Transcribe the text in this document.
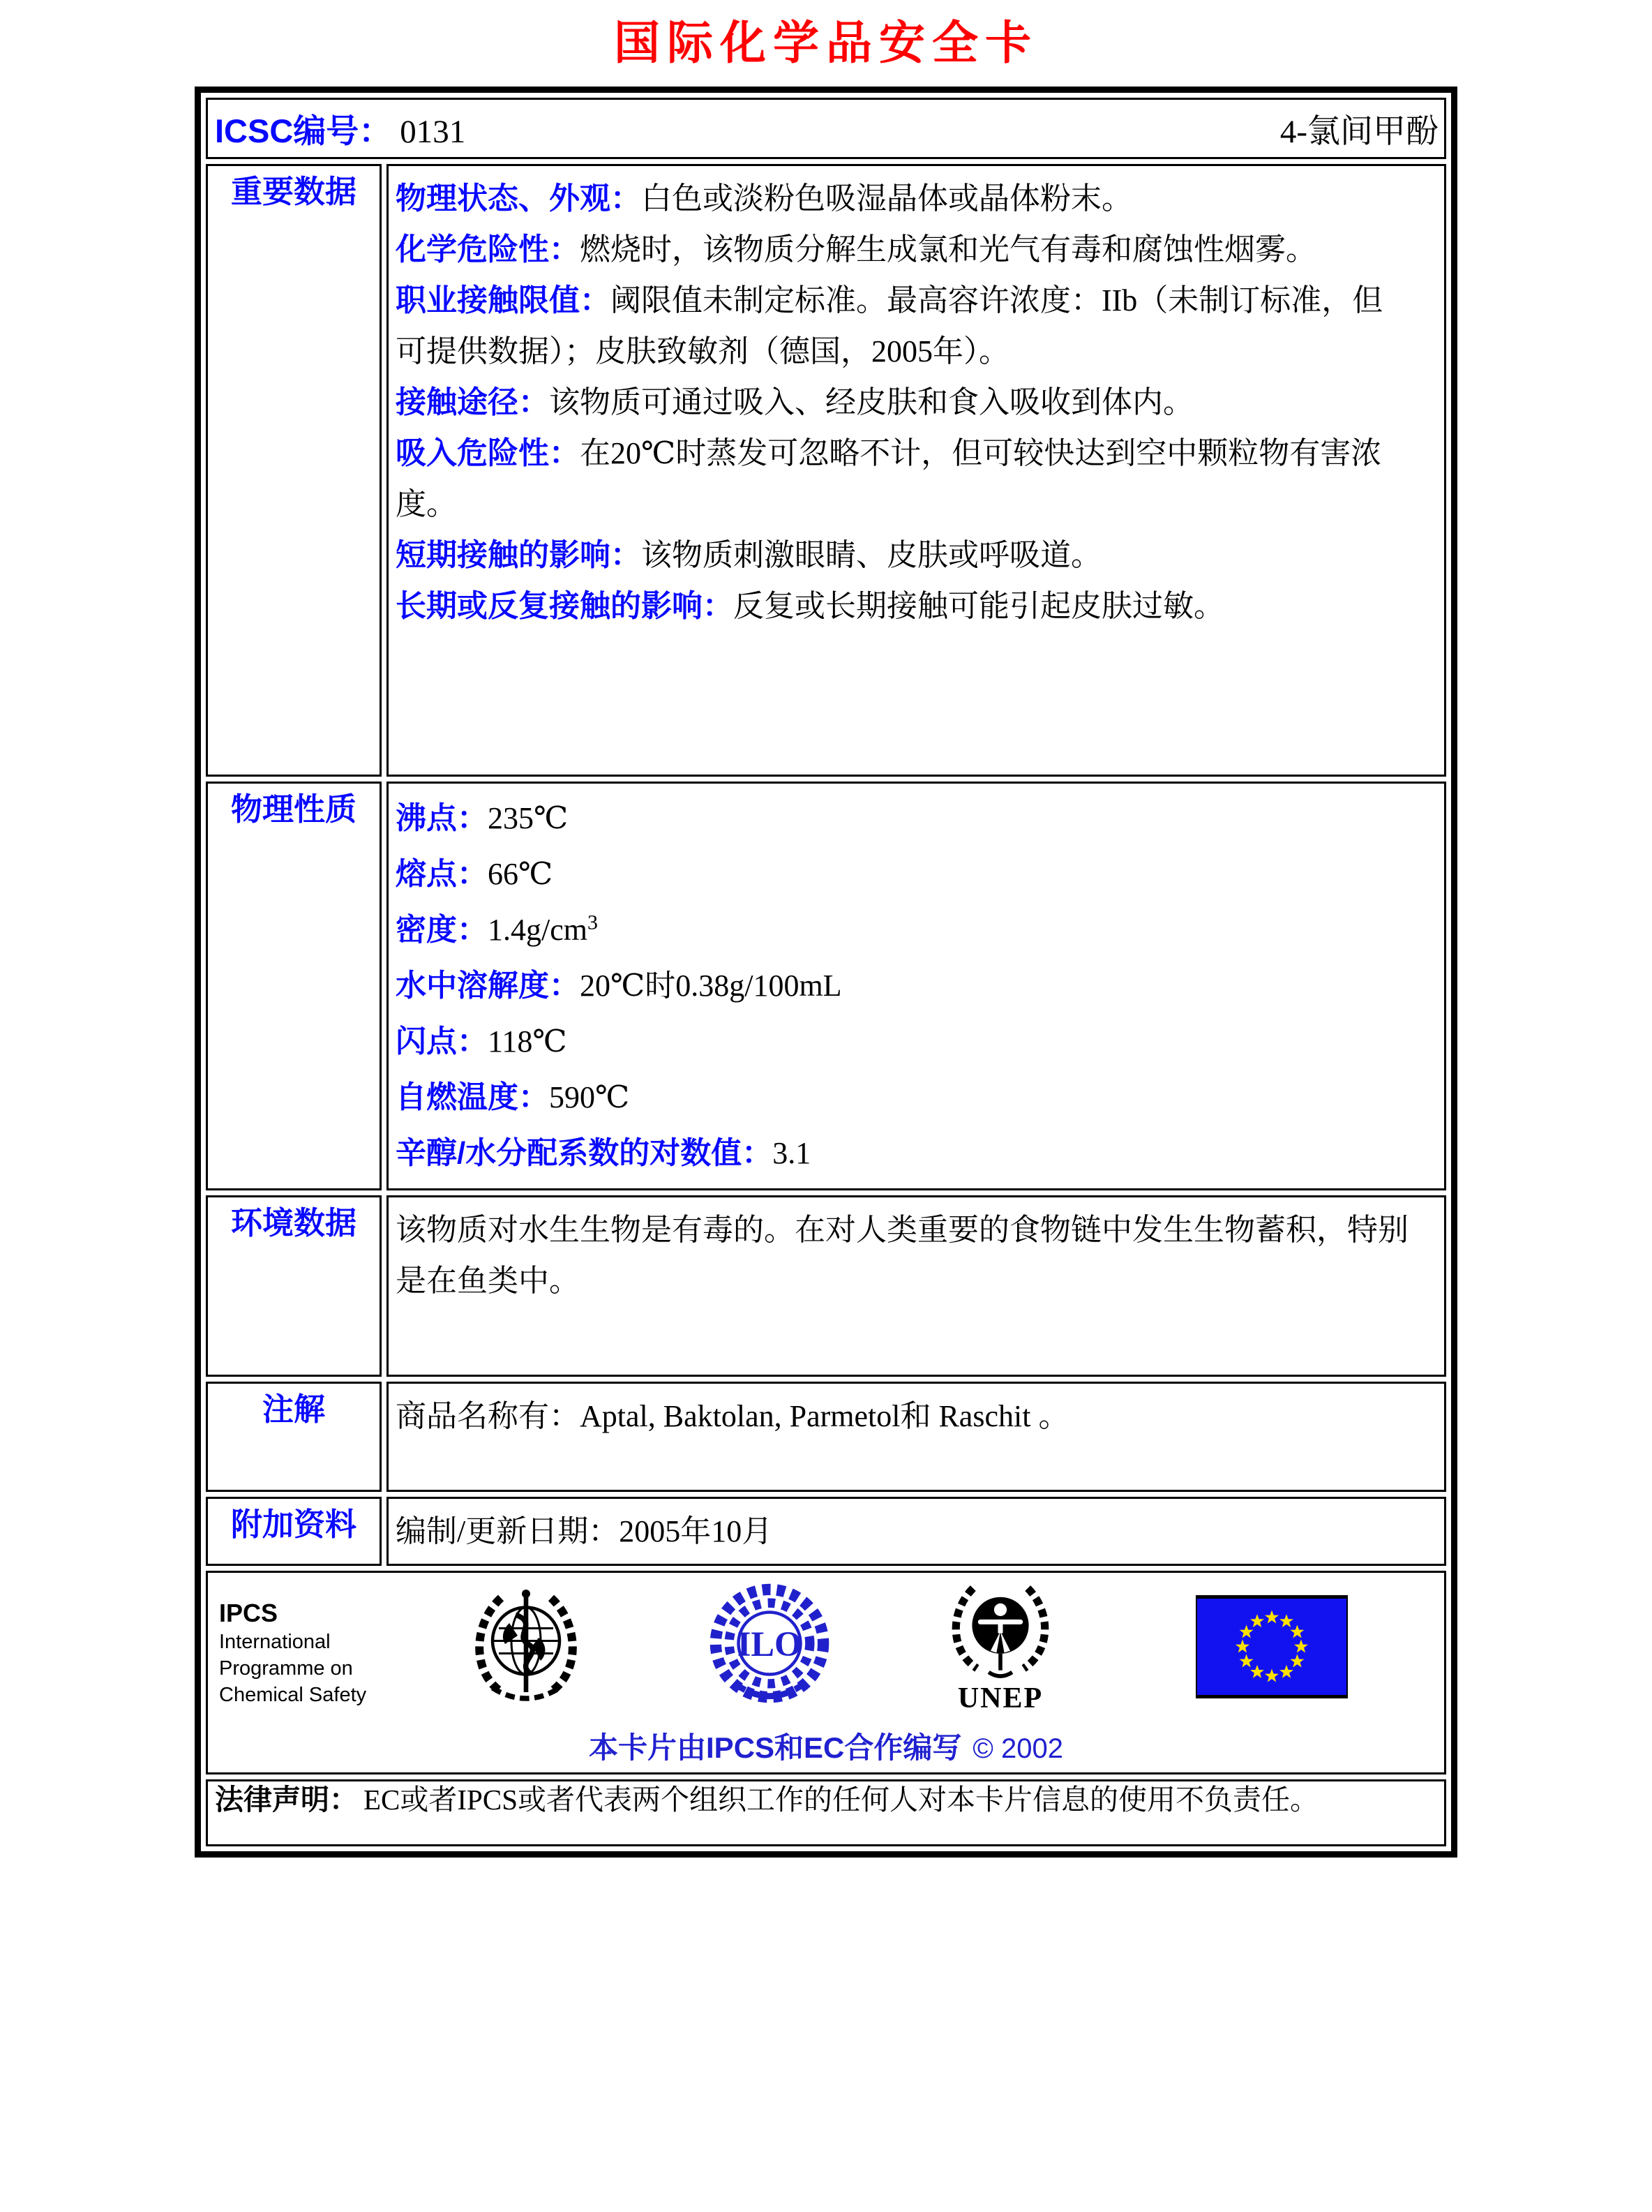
国际化学品安全卡
ICSC编号： 0131 4-氯间甲酚	

重要数据	物理状态、外观：白色或淡粉色吸湿晶体或晶体粉末。

化学危险性：燃烧时，该物质分解生成氯和光气有毒和腐蚀性烟雾。

职业接触限值：阈限值未制定标准。最高容许浓度：IIb（未制订标准，但可提供数据）；皮肤致敏剂（德国，2005年）。

接触途径：该物质可通过吸入、经皮肤和食入吸收到体内。

吸入危险性：在20℃时蒸发可忽略不计，但可较快达到空中颗粒物有害浓度。

短期接触的影响：该物质刺激眼睛、皮肤或呼吸道。

长期或反复接触的影响：反复或长期接触可能引起皮肤过敏。

物理性质	沸点：235℃

熔点：66℃

密度：$1.4g/cm^3$

水中溶解度：20℃时0.38g/100mL

闪点：118℃

自燃温度：590℃

辛醇/水分配系数的对数值：3.1

环境数据	该物质对水生生物是有毒的。在对人类重要的食物链中发生生物蓄积，特别是在鱼类中。

注解	商品名称有：Aptal, Baktolan, Parmetol和 Raschit 。

附加资料	编制/更新日期：2005年10月

IPCS
International
Programme on
Chemical Safety
ILO
UNEP
本卡片由IPCS和EC合作编写 © 2002

法律声明： EC或者IPCS或者代表两个组织工作的任何人对本卡片信息的使用不负责任。	
